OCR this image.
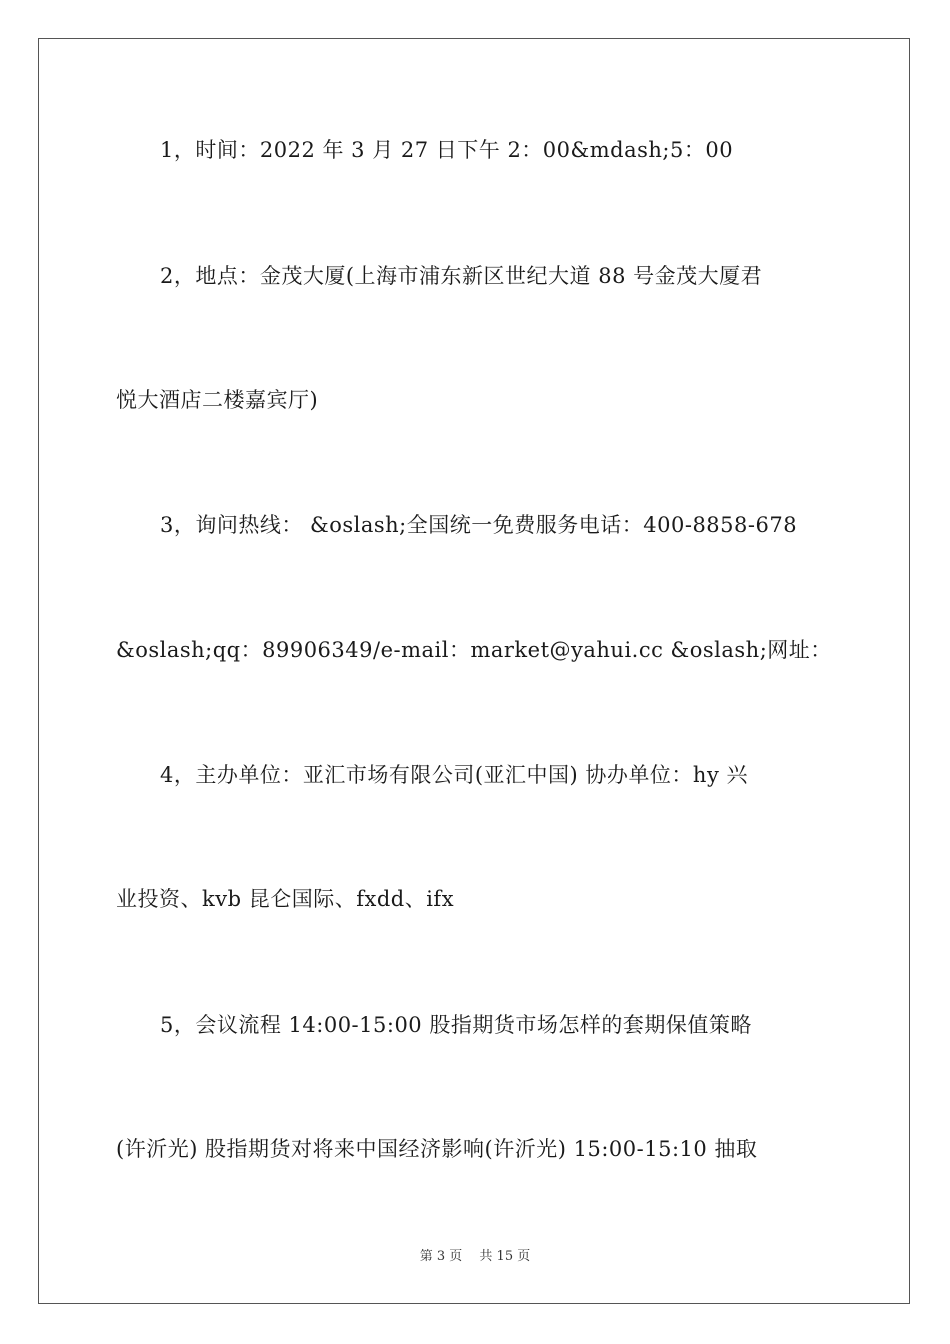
1，时间：2022 年 3 月 27 日下午 2：00&mdash;5：00
2，地点：金茂大厦(上海市浦东新区世纪大道 88 号金茂大厦君
悦大酒店二楼嘉宾厅)
3，询问热线： &oslash;全国统一免费服务电话：400-8858-678
&oslash;qq：89906349/e-mail：market@yahui.cc &oslash;网址：
4，主办单位：亚汇市场有限公司(亚汇中国) 协办单位：hy 兴
业投资、kvb 昆仑国际、fxdd、ifx
5，会议流程 14:00-15:00 股指期货市场怎样的套期保值策略
(许沂光) 股指期货对将来中国经济影响(许沂光) 15:00-15:10 抽取
第 3 页　 共 15 页
